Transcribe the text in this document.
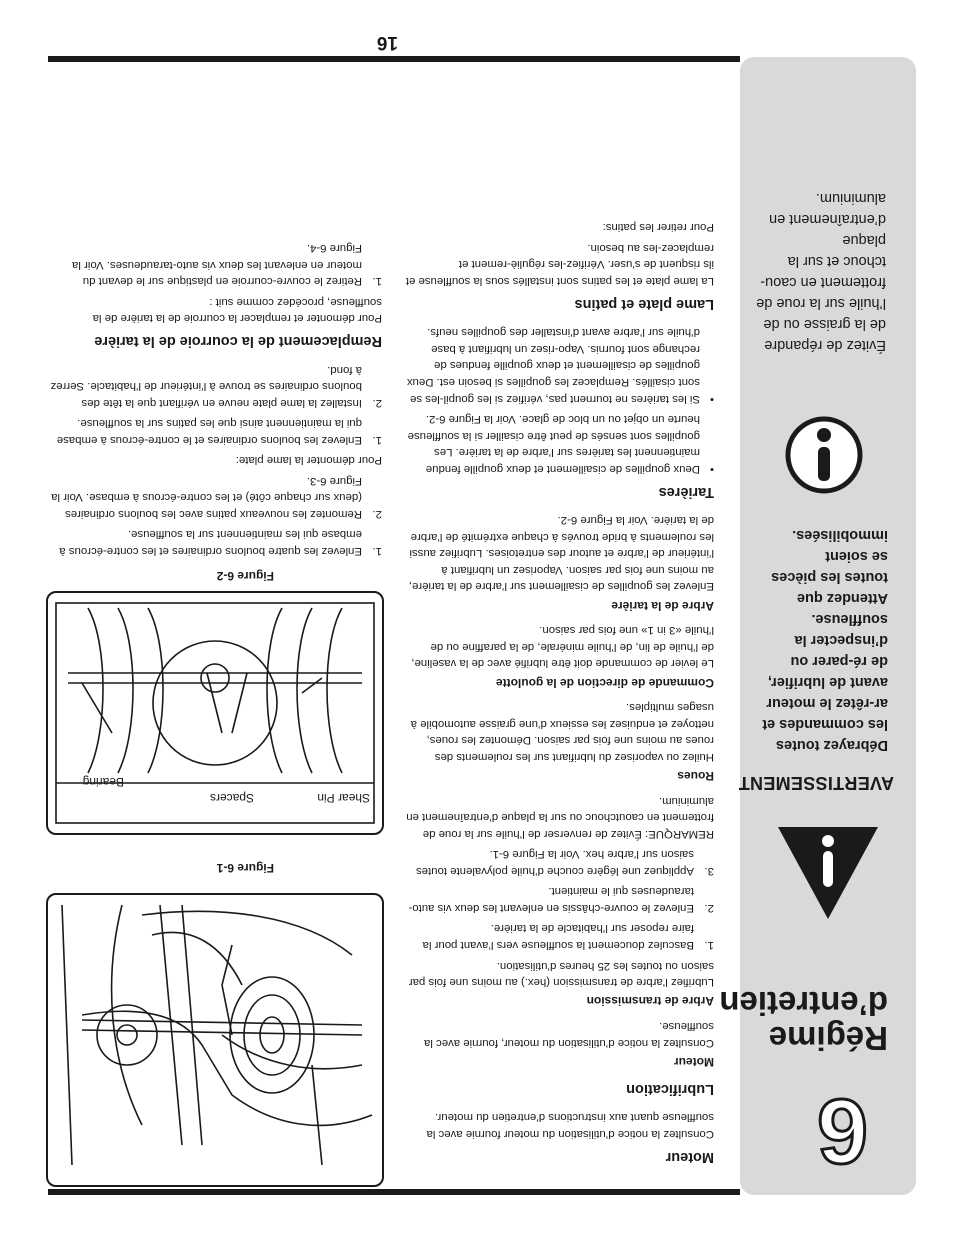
6
Régime d’entretien
AVERTISSEMENT

Débrayez toutes les commandes et ar-rêtez le moteur avant de lubrifier, de ré-parer ou d’inspecter la souffleuse. Attendez que toutes les pièces se soient immobilisées.

Évitez de répandre de la graisse ou de l’huile sur la roue de frottement en caou-tchouc et sur la plaque d’entraînement en aluminium.

Moteur

Consultez la notice d’utilisation du moteur fournie avec la souffleuse quant aux instructions d’entretien du moteur.

Lubrification
Moteur

Consultez la notice d’utilisation du moteur, fournie avec la souffleuse.

Arbre de transmission

Lubrifiez l’arbre de transmission (hex.) au moins une fois par saison ou toutes les 25 heures d’utilisation.

1.
Basculez doucement la souffleuse vers l’avant pour la faire reposer sur l’habitacle de la tarière.
2.
Enlevez le couvre-châssis en enlevant les deux vis auto-taraudeuses qui le maintient.
3.
Appliquez une légère couche d’huile polyvalente toutes saison sur l’arbre hex. Voir la Figure 6-1.

REMARQUE: Évitez de renverser de l’huile sur la roue de frottement en caoutchouc ou sur la plaque d’entraînement en aluminium.

Roues

Huilez ou vaporisez du lubrifiant sur les roulements des roues au moins une fois par saison. Démontez les roues, nettoyez et enduisez les essieux d’une graisse automobile à usages multiples.

Commande de direction de la goulotte

Le levier de commande doit être lubrifié avec de la vaseline, de l’huile de lin, de l’huile minérale, de la paraffine ou de l’huile «3 in 1» une fois par saison.

Arbre de la tarière

Enlevez les goupilles de cisaillement sur l’arbre de la tarière, au moins une fois par saison. Vaporisez un lubrifiant à l’intérieur de l’arbre et autour des entretoises. Lubrifiez aussi les roulements à bride trouvés à chaque extrémité de l’arbre de la tarière. Voir la Figure 6-2.

Tarières
•
Deux goupilles de cisaillement et deux goupille fendue maintiennent les tarières sur l’arbre de la tarière. Les goupilles sont sensés de peut être cisailler si la souffleuse heurte un objet ou un bloc de glace. Voir la Figure 6-2.
•
Si les tarières ne tournent pas, vérifiez si les goupil-les se sont cisaillés. Remplacez les goupilles si besoin est. Deux goupilles de cisaillement et deux goupille fendues de rechange sont fournis. Vapo-risez un lubrifiant à base d’huile sur l’arbre avant d’installer des goupilles neufs.
Lame plate et patins

La lame plate et les patins sont installés sous la souffleuse et ils risquent de s’user. Vérifiez-les réguliè-rement et remplacez-les au besoin.

Pour retirer les patins:

Figure 6-1
Shear Pin
Spacers
Bearing
Figure 6-2
1.
Enlevez les quatre boulons ordinaires et les contre-écrous à embase qui les maintiennent sur la souffleuse.
2.
Remontez les nouveaux patins avec les boulons ordinaires (deux sur chaque côté) et les contre-écrous à embase. Voir la Figure 6-3.

Pour démonter la lame plate:

1.
Enlevez les boulons ordinaires et le contre-écrous à embase qui la maintiennent ainsi que les patins sur la souffleuse.
2.
Installez la lame plate neuve en vérifiant que la tête des boulons ordinaires se trouve à l’intérieur de l’habitacle. Serrez à fond.
Remplacement de la courroie de la tarière

Pour démonter et remplacer la courroie de la tarière de la souffleuse, procédez comme suit :

1.
Retirez le couvre-courroie en plastique sur le devant du moteur en enlevant les deux vis auto-taraudeuses. Voir la Figure 6-4.
16
